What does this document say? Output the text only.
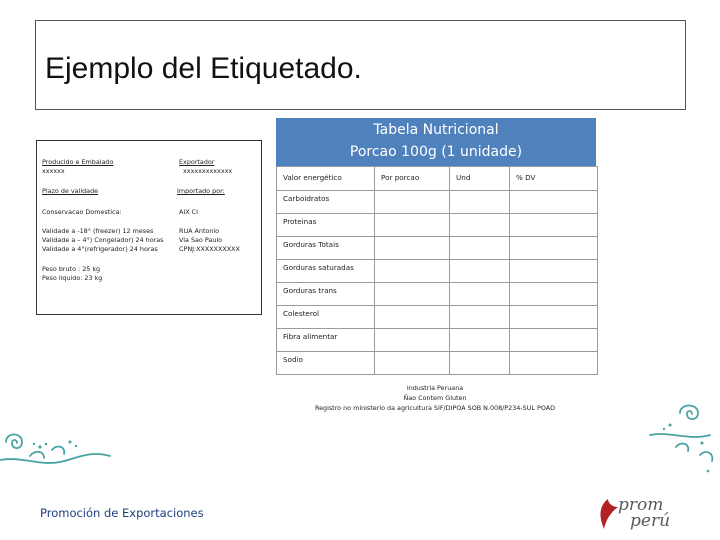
Ejemplo del Etiquetado.
Producido e Embalado
xxxxxx
Exportador
xxxxxxxxxxxxx
Plazo de validade	Importado por:
Conservacao Domestica:	AIX CI
Validade a -18° (freezer) 12 meses
Validade a – 4°) Congelador) 24 horas
Validade a 4°(refrigerador) 24 horas
RUA Antonio
Via Sao Paulo
CPNJ:XXXXXXXXXX
Peso bruto : 25 kg
Peso liquido: 23 kg
Tabela Nutricional
Porcao 100g (1 unidade)
Valor energético	Por porcao	Und	% DV
Carboidratos			
Proteinas			
Gorduras Totais			
Gorduras saturadas			
Gorduras trans			
Colesterol			
Fibra alimentar			
Sodio			
Industria Peruana
Ñao Contem Gluten
Registro no ministerio da agricultura SIF/DIPOA SOB N.008/P234-SUL POAD
Promoción de Exportaciones	prom
perú
